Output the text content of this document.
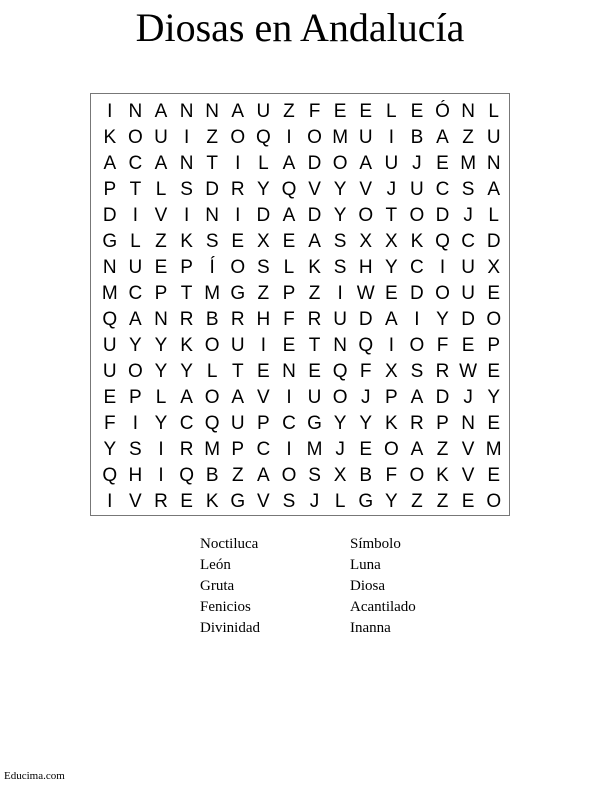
Diosas en Andalucía
I N A N N A U Z F E E L E Ó N L
K O U I Z O Q I O M U I B A Z U
A C A N T I L A D O A U J E M N
P T L S D R Y Q V Y V J U C S A
D I V I N I D A D Y O T O D J L
G L Z K S E X E A S X X K Q C D
N U E P Í O S L K S H Y C I U X
M C P T M G Z P Z I W E D O U E
Q A N R B R H F R U D A I Y D O
U Y Y K O U I E T N Q I O F E P
U O Y Y L T E N E Q F X S R W E
E P L A O A V I U O J P A D J Y
F I Y C Q U P C G Y Y K R P N E
Y S I R M P C I M J E O A Z V M
Q H I Q B Z A O S X B F O K V E
I V R E K G V S J L G Y Z Z E O
Noctiluca
León
Gruta
Fenicios
Divinidad
Símbolo
Luna
Diosa
Acantilado
Inanna
Educima.com
